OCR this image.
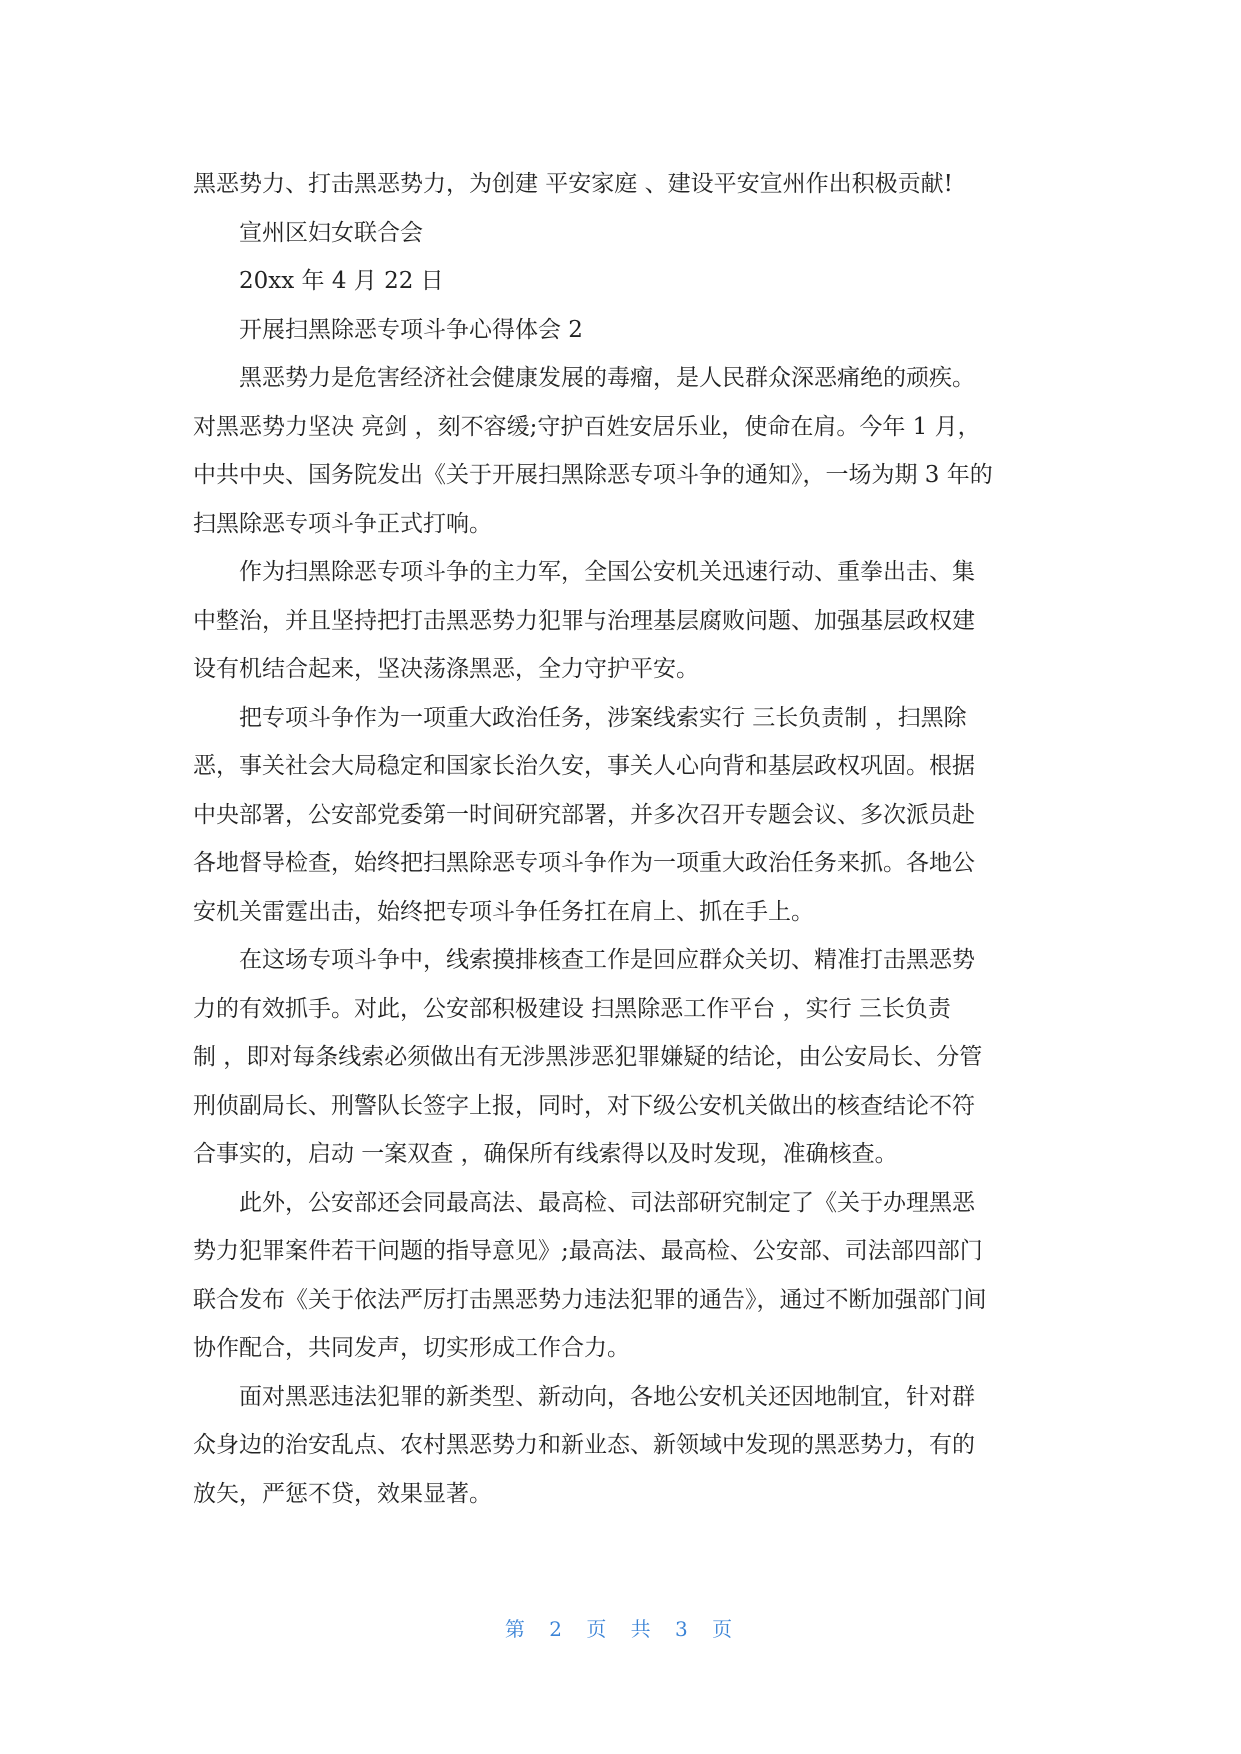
黑恶势力、打击黑恶势力，为创建 平安家庭 、建设平安宣州作出积极贡献!

宣州区妇女联合会

20xx 年 4 月 22 日

开展扫黑除恶专项斗争心得体会 2

黑恶势力是危害经济社会健康发展的毒瘤，是人民群众深恶痛绝的顽疾。

对黑恶势力坚决 亮剑 ，刻不容缓;守护百姓安居乐业，使命在肩。今年 1 月，

中共中央、国务院发出《关于开展扫黑除恶专项斗争的通知》，一场为期 3 年的

扫黑除恶专项斗争正式打响。

作为扫黑除恶专项斗争的主力军，全国公安机关迅速行动、重拳出击、集

中整治，并且坚持把打击黑恶势力犯罪与治理基层腐败问题、加强基层政权建

设有机结合起来，坚决荡涤黑恶，全力守护平安。

把专项斗争作为一项重大政治任务，涉案线索实行 三长负责制 ，扫黑除

恶，事关社会大局稳定和国家长治久安，事关人心向背和基层政权巩固。根据

中央部署，公安部党委第一时间研究部署，并多次召开专题会议、多次派员赴

各地督导检查，始终把扫黑除恶专项斗争作为一项重大政治任务来抓。各地公

安机关雷霆出击，始终把专项斗争任务扛在肩上、抓在手上。

在这场专项斗争中，线索摸排核查工作是回应群众关切、精准打击黑恶势

力的有效抓手。对此，公安部积极建设 扫黑除恶工作平台 ，实行 三长负责

制 ，即对每条线索必须做出有无涉黑涉恶犯罪嫌疑的结论，由公安局长、分管

刑侦副局长、刑警队长签字上报，同时，对下级公安机关做出的核查结论不符

合事实的，启动 一案双查 ，确保所有线索得以及时发现，准确核查。

此外，公安部还会同最高法、最高检、司法部研究制定了《关于办理黑恶

势力犯罪案件若干问题的指导意见》;最高法、最高检、公安部、司法部四部门

联合发布《关于依法严厉打击黑恶势力违法犯罪的通告》，通过不断加强部门间

协作配合，共同发声，切实形成工作合力。

面对黑恶违法犯罪的新类型、新动向，各地公安机关还因地制宜，针对群

众身边的治安乱点、农村黑恶势力和新业态、新领域中发现的黑恶势力，有的

放矢，严惩不贷，效果显著。

第 2 页 共 3 页
